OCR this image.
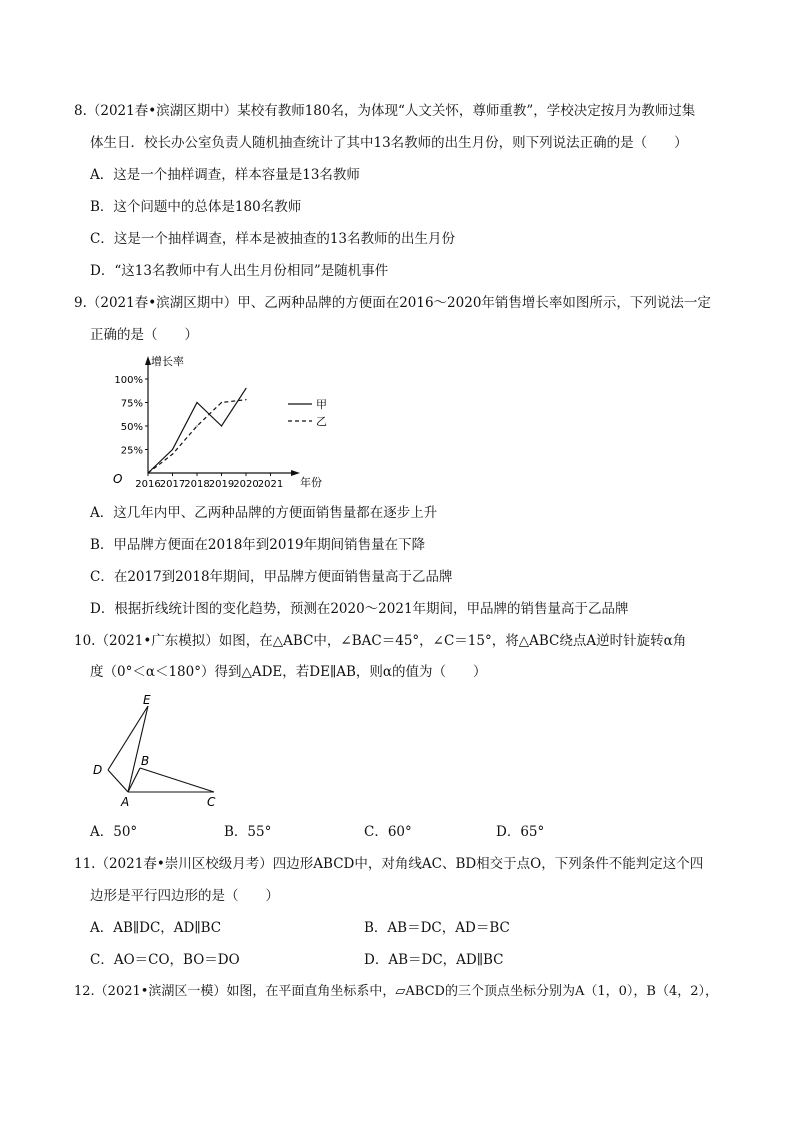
8.（2021春•滨湖区期中）某校有教师180名，为体现“人文关怀，尊师重教”，学校决定按月为教师过集
体生日．校长办公室负责人随机抽查统计了其中13名教师的出生月份，则下列说法正确的是（　　）
A．这是一个抽样调查，样本容量是13名教师
B．这个问题中的总体是180名教师
C．这是一个抽样调查，样本是被抽查的13名教师的出生月份
D．“这13名教师中有人出生月份相同”是随机事件
9.（2021春•滨湖区期中）甲、乙两种品牌的方便面在2016～2020年销售增长率如图所示，下列说法一定
正确的是（　　）
增长率
年份
O
25%
50%
75%
100%
2016 2017 2018 2019 2020 2021
甲
乙
A．这几年内甲、乙两种品牌的方便面销售量都在逐步上升
B．甲品牌方便面在2018年到2019年期间销售量在下降
C．在2017到2018年期间，甲品牌方便面销售量高于乙品牌
D．根据折线统计图的变化趋势，预测在2020～2021年期间，甲品牌的销售量高于乙品牌
10.（2021•广东模拟）如图，在△ABC中，∠BAC＝45°，∠C＝15°，将△ABC绕点A逆时针旋转α角
度（0°＜α＜180°）得到△ADE，若DE∥AB，则α的值为（　　）
E
D
B
A	C
A．50°	B．55°	C．60°	D．65°
11.（2021春•崇川区校级月考）四边形ABCD中，对角线AC、BD相交于点O，下列条件不能判定这个四
边形是平行四边形的是（　　）
A．AB∥DC，AD∥BC	B．AB＝DC，AD＝BC
C．AO＝CO，BO＝DO	D．AB＝DC，AD∥BC
12.（2021•滨湖区一模）如图，在平面直角坐标系中，▱ABCD的三个顶点坐标分别为A（1，0），B（4，2），
